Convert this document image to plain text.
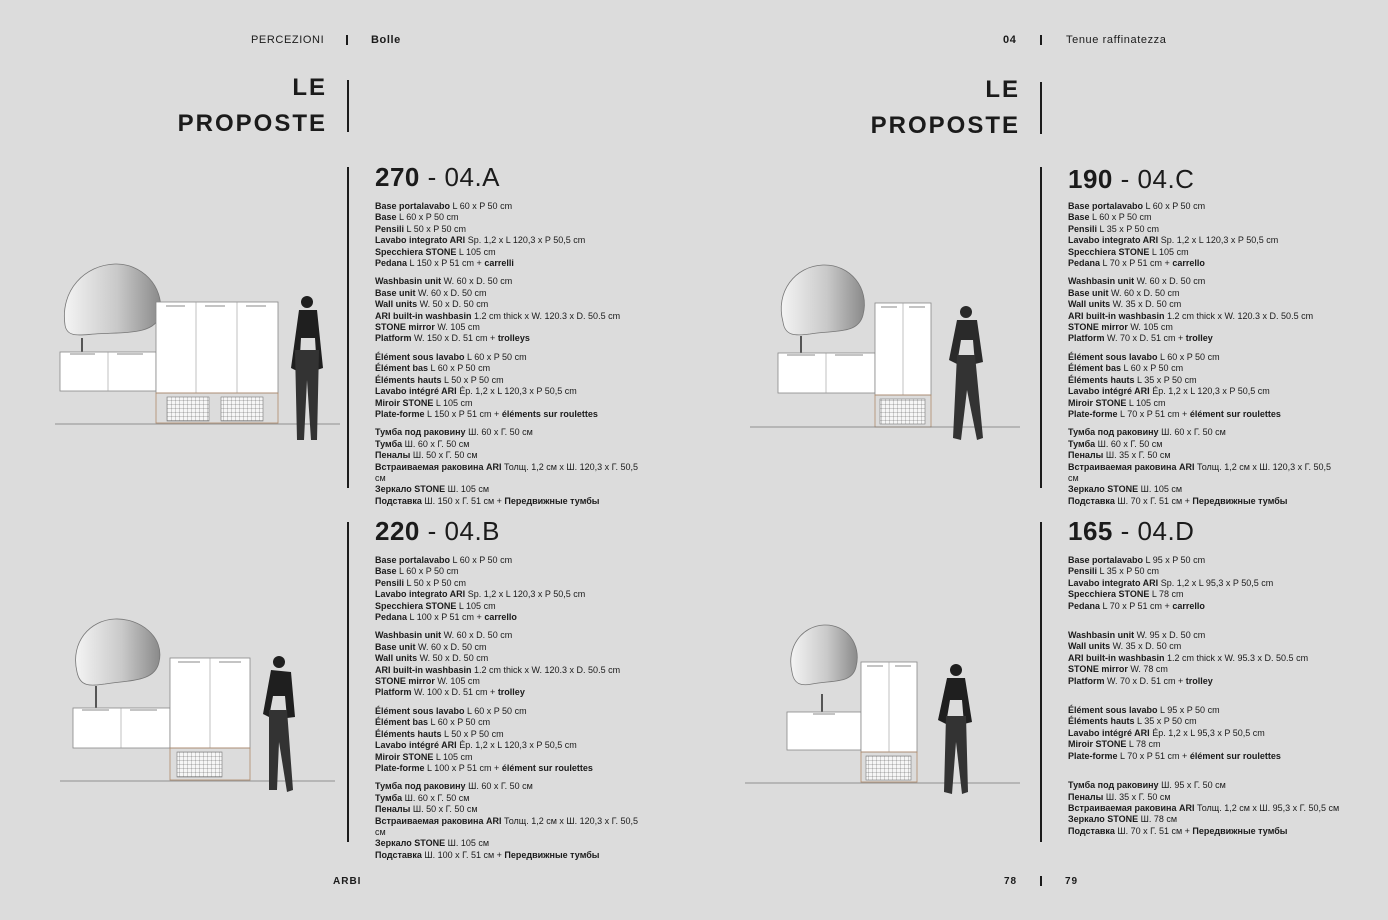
PERCEZIONI	Bolle	04	Tenue raffinatezza
LE
PROPOSTE
LE
PROPOSTE
270 - 04.A
Base portalavabo L 60 x P 50 cm
Base L 60 x P 50 cm
Pensili L 50 x P 50 cm
Lavabo integrato ARI Sp. 1,2 x L 120,3 x P 50,5 cm
Specchiera STONE L 105 cm
Pedana L 150 x P 51 cm + carrelli
Washbasin unit W. 60 x D. 50 cm
Base unit W. 60 x D. 50 cm
Wall units W. 50 x D. 50 cm
ARI built-in washbasin 1.2 cm thick x W. 120.3 x D. 50.5 cm
STONE mirror W. 105 cm
Platform W. 150 x D. 51 cm + trolleys
Élément sous lavabo L 60 x P 50 cm
Élément bas L 60 x P 50 cm
Éléments hauts L 50 x P 50 cm
Lavabo intégré ARI Ép. 1,2 x L 120,3 x P 50,5 cm
Miroir STONE L 105 cm
Plate-forme L 150 x P 51 cm + éléments sur roulettes
Тумба под раковину Ш. 60 x Г. 50 см
Тумба Ш. 60 x Г. 50 см
Пеналы Ш. 50 x Г. 50 см
Встраиваемая раковина ARI Толщ. 1,2 см x Ш. 120,3 x Г. 50,5 см
Зеркало STONE Ш. 105 см
Подставка Ш. 150 x Г. 51 см + Передвижные тумбы
220 - 04.B
Base portalavabo L 60 x P 50 cm
Base L 60 x P 50 cm
Pensili L 50 x P 50 cm
Lavabo integrato ARI Sp. 1,2 x L 120,3 x P 50,5 cm
Specchiera STONE L 105 cm
Pedana L 100 x P 51 cm + carrello
Washbasin unit W. 60 x D. 50 cm
Base unit W. 60 x D. 50 cm
Wall units W. 50 x D. 50 cm
ARI built-in washbasin 1.2 cm thick x W. 120.3 x D. 50.5 cm
STONE mirror W. 105 cm
Platform W. 100 x D. 51 cm + trolley
Élément sous lavabo L 60 x P 50 cm
Élément bas L 60 x P 50 cm
Éléments hauts L 50 x P 50 cm
Lavabo intégré ARI Ép. 1,2 x L 120,3 x P 50,5 cm
Miroir STONE L 105 cm
Plate-forme L 100 x P 51 cm + élément sur roulettes
Тумба под раковину Ш. 60 x Г. 50 см
Тумба Ш. 60 x Г. 50 см
Пеналы Ш. 50 x Г. 50 см
Встраиваемая раковина ARI Толщ. 1,2 см x Ш. 120,3 x Г. 50,5 см
Зеркало STONE Ш. 105 см
Подставка Ш. 100 x Г. 51 см + Передвижные тумбы
190 - 04.C
Base portalavabo L 60 x P 50 cm
Base L 60 x P 50 cm
Pensili L 35 x P 50 cm
Lavabo integrato ARI Sp. 1,2 x L 120,3 x P 50,5 cm
Specchiera STONE L 105 cm
Pedana L 70 x P 51 cm + carrello
Washbasin unit W. 60 x D. 50 cm
Base unit W. 60 x D. 50 cm
Wall units W. 35 x D. 50 cm
ARI built-in washbasin 1.2 cm thick x W. 120.3 x D. 50.5 cm
STONE mirror W. 105 cm
Platform W. 70 x D. 51 cm + trolley
Élément sous lavabo L 60 x P 50 cm
Élément bas L 60 x P 50 cm
Éléments hauts L 35 x P 50 cm
Lavabo intégré ARI Ép. 1,2 x L 120,3 x P 50,5 cm
Miroir STONE L 105 cm
Plate-forme L 70 x P 51 cm + élément sur roulettes
Тумба под раковину Ш. 60 x Г. 50 см
Тумба Ш. 60 x Г. 50 см
Пеналы Ш. 35 x Г. 50 см
Встраиваемая раковина ARI Толщ. 1,2 см x Ш. 120,3 x Г. 50,5 см
Зеркало STONE Ш. 105 см
Подставка Ш. 70 x Г. 51 см + Передвижные тумбы
165 - 04.D
Base portalavabo L 95 x P 50 cm
Pensili L 35 x P 50 cm
Lavabo integrato ARI Sp. 1,2 x L 95,3 x P 50,5 cm
Specchiera STONE L 78 cm
Pedana L 70 x P 51 cm + carrello
Washbasin unit W. 95 x D. 50 cm
Wall units W. 35 x D. 50 cm
ARI built-in washbasin 1.2 cm thick x W. 95.3 x D. 50.5 cm
STONE mirror W. 78 cm
Platform W. 70 x D. 51 cm + trolley
Élément sous lavabo L 95 x P 50 cm
Éléments hauts L 35 x P 50 cm
Lavabo intégré ARI Ép. 1,2 x L 95,3 x P 50,5 cm
Miroir STONE L 78 cm
Plate-forme L 70 x P 51 cm + élément sur roulettes
Тумба под раковину Ш. 95 x Г. 50 см
Пеналы Ш. 35 x Г. 50 см
Встраиваемая раковина ARI Толщ. 1,2 см x Ш. 95,3 x Г. 50,5 см
Зеркало STONE Ш. 78 см
Подставка Ш. 70 x Г. 51 см + Передвижные тумбы
ARBI	78	79
